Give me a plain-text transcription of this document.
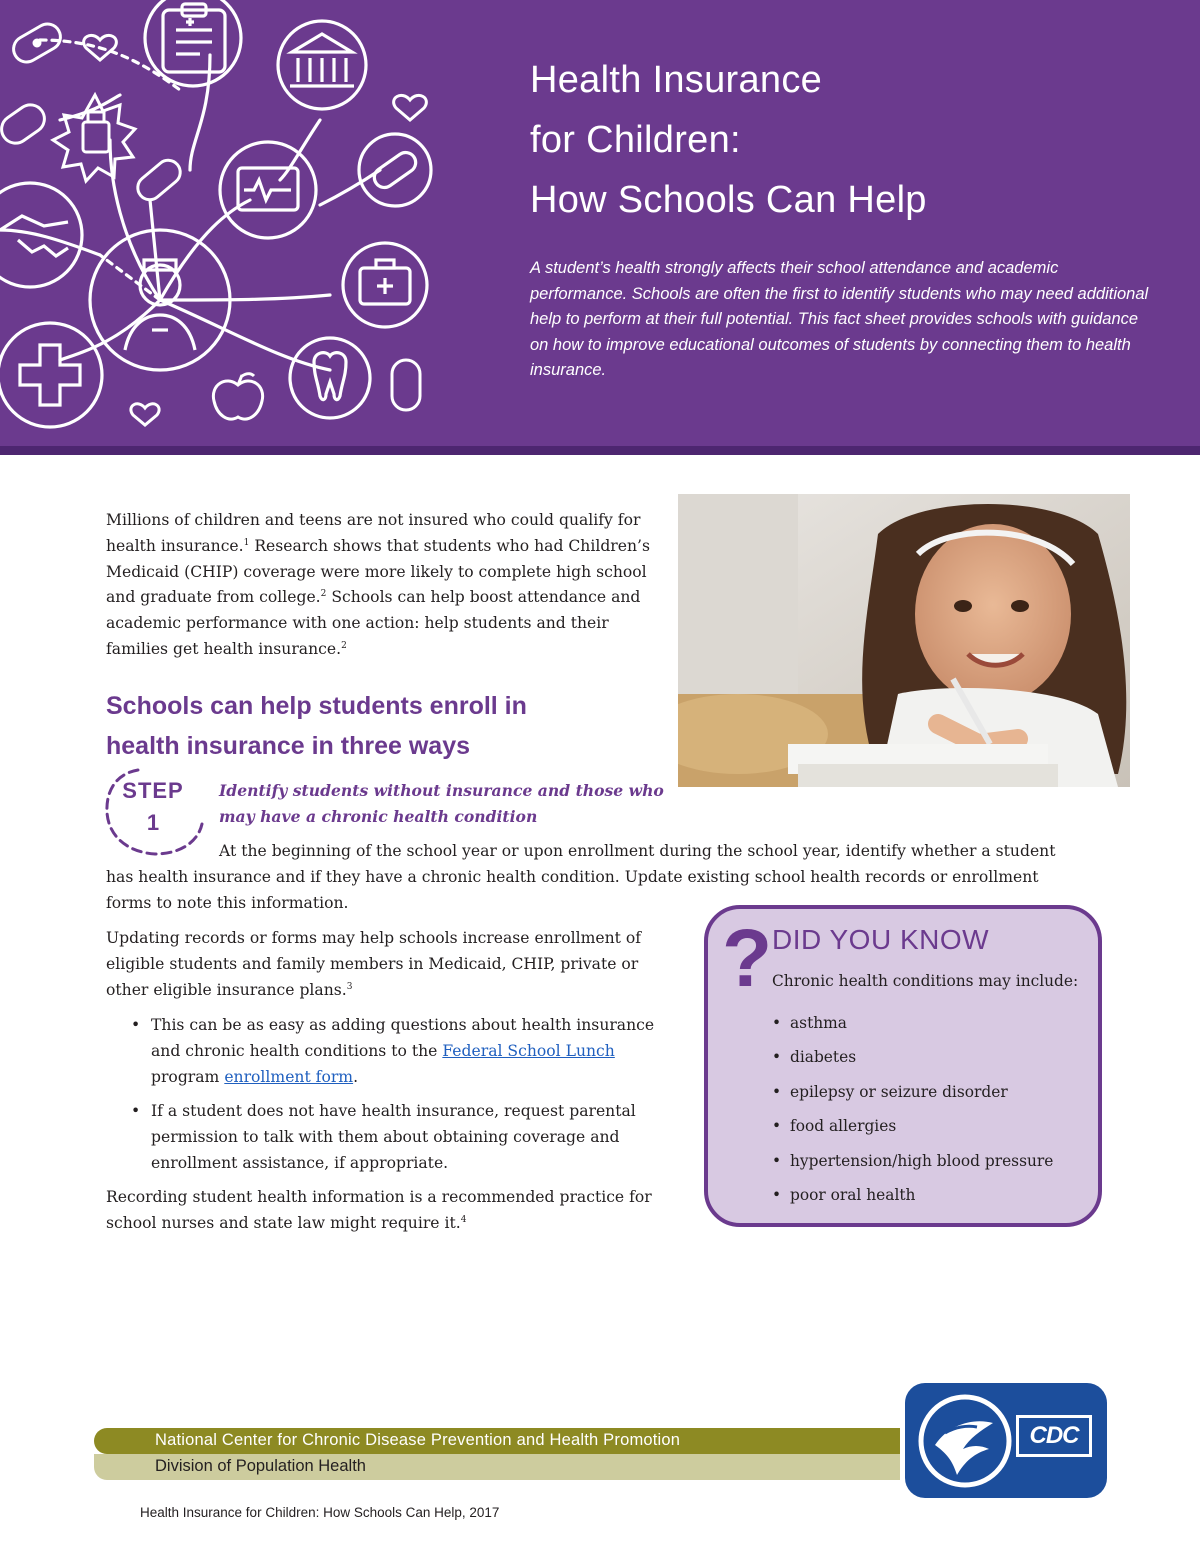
Health Insurance
for Children:
How Schools Can Help
A student’s health strongly affects their school attendance and academic performance. Schools are often the first to identify students who may need additional help to perform at their full potential. This fact sheet provides schools with guidance on how to improve educational outcomes of students by connecting them to health insurance.

Millions of children and teens are not insured who could qualify for health insurance.$^1$ Research shows that students who had Children’s Medicaid (CHIP) coverage were more likely to complete high school and graduate from college.$^2$ Schools can help boost attendance and academic performance with one action: help students and their families get health insurance.$^2$

Schools can help students enroll in
health insurance in three ways
STEP
1
Identify students without insurance and those who may have a chronic health condition

At the beginning of the school year or upon enrollment during the school year, identify whether a student has health insurance and if they have a chronic health condition. Update existing school health records or enrollment forms to note this information.

Updating records or forms may help schools increase enrollment of eligible students and family members in Medicaid, CHIP, private or other eligible insurance plans.$^3$

• This can be as easy as adding questions about health insurance and chronic health conditions to the Federal School Lunch program enrollment form.
• If a student does not have health insurance, request parental permission to talk with them about obtaining coverage and enrollment assistance, if appropriate.

Recording student health information is a recommended practice for school nurses and state law might require it.$^4$

? DID YOU KNOW
Chronic health conditions may include:
• asthma
• diabetes
• epilepsy or seizure disorder
• food allergies
• hypertension/high blood pressure
• poor oral health
National Center for Chronic Disease Prevention and Health Promotion
Division of Population Health
CDC
Health Insurance for Children: How Schools Can Help, 2017
